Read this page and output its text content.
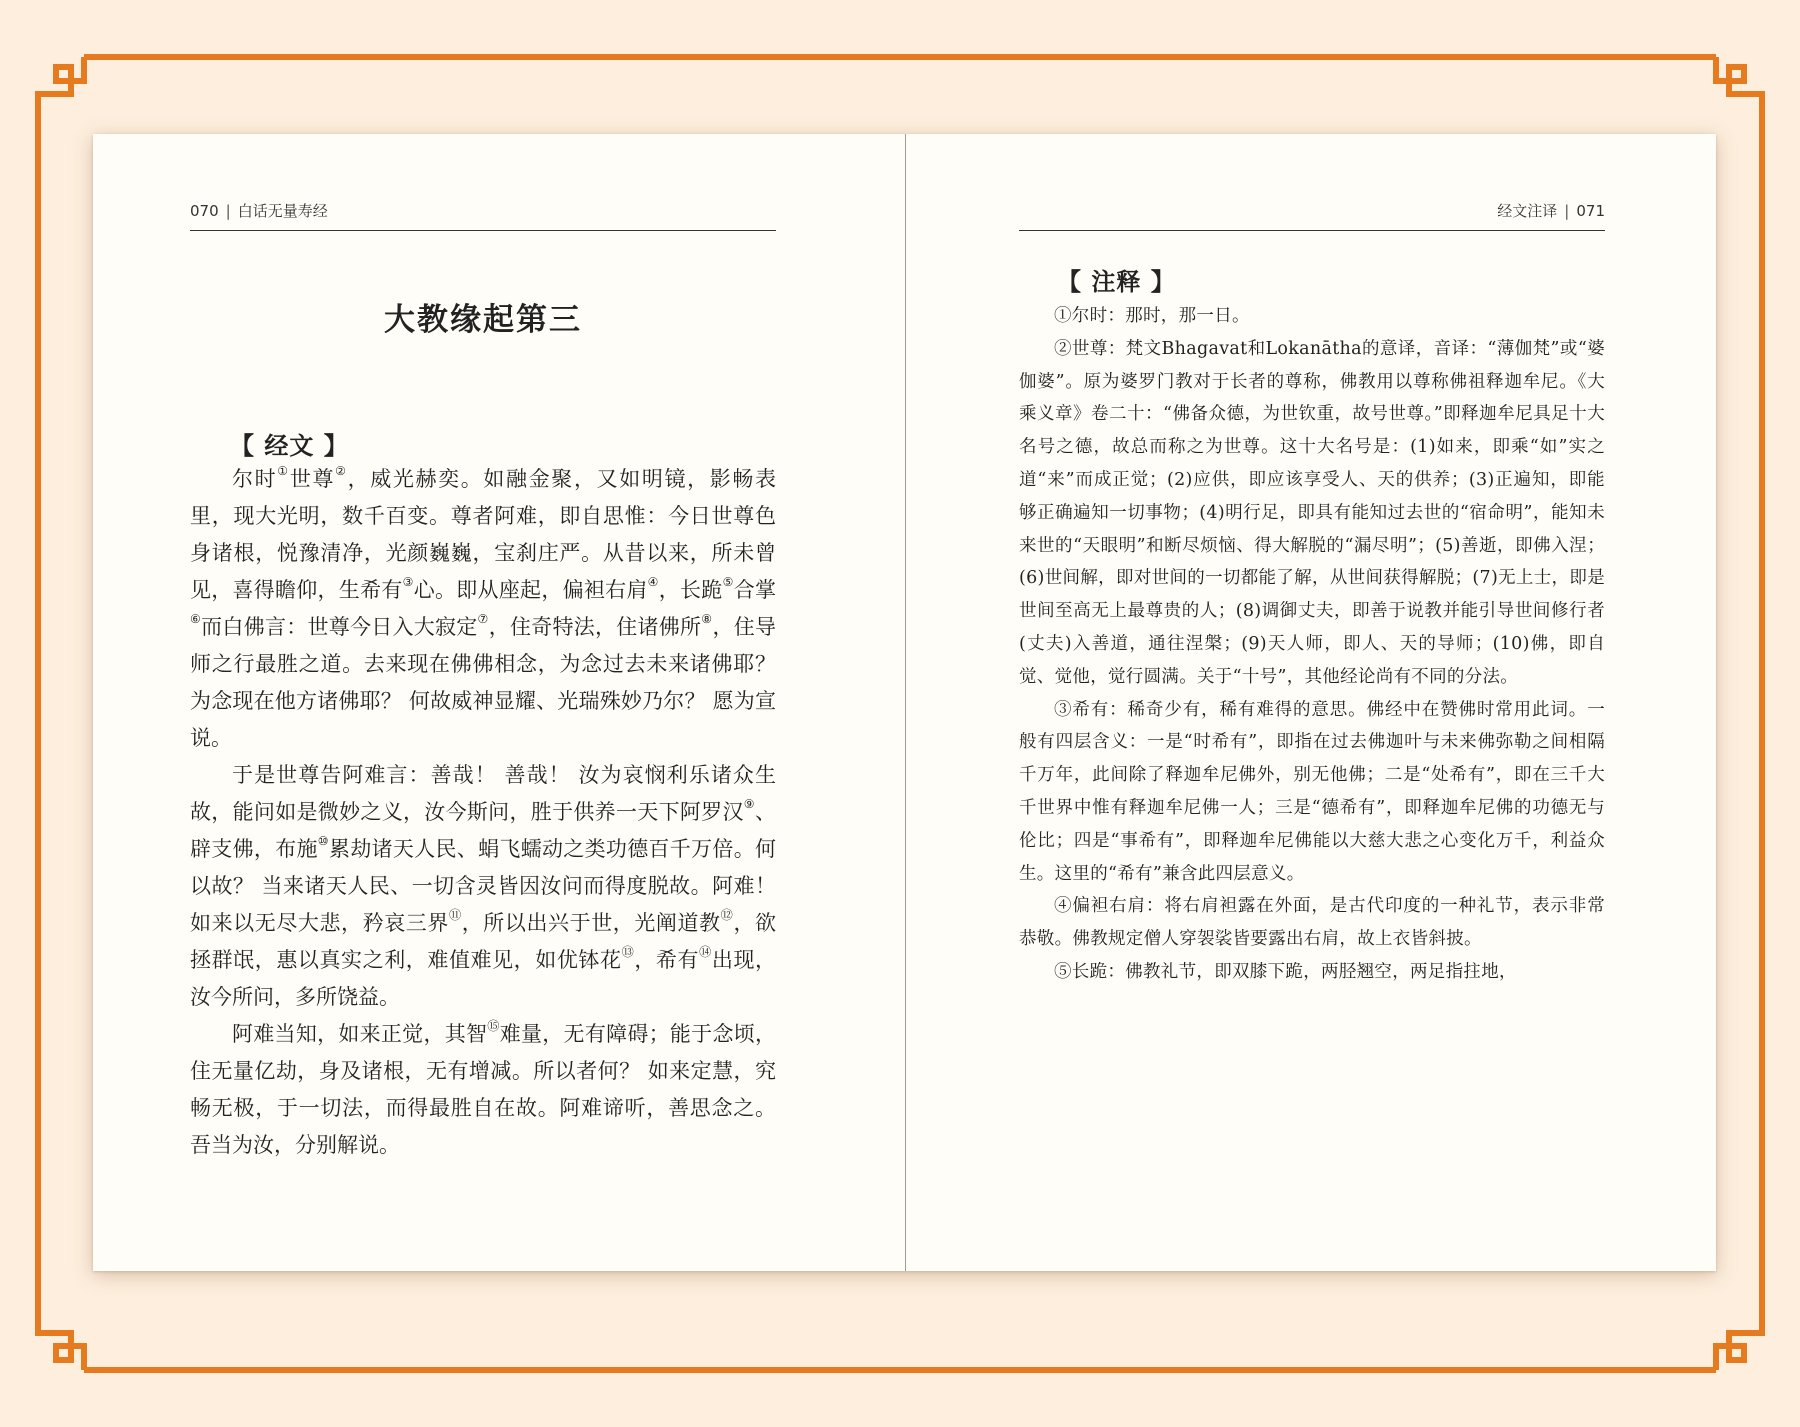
070 | 白话无量寿经
大教缘起第三
【 经文 】

尔时①世尊②，威光赫奕。如融金聚，又如明镜，影畅表里，现大光明，数千百变。尊者阿难，即自思惟：今日世尊色身诸根，悦豫清净，光颜巍巍，宝刹庄严。从昔以来，所未曾见，喜得瞻仰，生希有③心。即从座起，偏袒右肩④，长跪⑤合掌⑥而白佛言：世尊今日入大寂定⑦，住奇特法，住诸佛所⑧，住导师之行最胜之道。去来现在佛佛相念，为念过去未来诸佛耶？ 为念现在他方诸佛耶？ 何故威神显耀、光瑞殊妙乃尔？ 愿为宣说。

于是世尊告阿难言：善哉！ 善哉！ 汝为哀悯利乐诸众生故，能问如是微妙之义，汝今斯问，胜于供养一天下阿罗汉⑨、辟支佛，布施⑩累劫诸天人民、蜎飞蠕动之类功德百千万倍。何以故？ 当来诸天人民、一切含灵皆因汝问而得度脱故。阿难！ 如来以无尽大悲，矜哀三界⑪，所以出兴于世，光阐道教⑫，欲拯群氓，惠以真实之利，难值难见，如优钵花⑬，希有⑭出现，汝今所问，多所饶益。

阿难当知，如来正觉，其智⑮难量，无有障碍；能于念顷，住无量亿劫，身及诸根，无有增减。所以者何？ 如来定慧，究畅无极，于一切法，而得最胜自在故。阿难谛听，善思念之。吾当为汝，分别解说。

经文注译 | 071
【 注释 】

①尔时：那时，那一日。

②世尊：梵文Bhagavat和Lokanātha的意译，音译：“薄伽梵”或“婆伽婆”。原为婆罗门教对于长者的尊称，佛教用以尊称佛祖释迦牟尼。《大乘义章》卷二十：“佛备众德，为世钦重，故号世尊。”即释迦牟尼具足十大名号之德，故总而称之为世尊。这十大名号是：(1)如来，即乘“如”实之道“来”而成正觉；(2)应供，即应该享受人、天的供养；(3)正遍知，即能够正确遍知一切事物；(4)明行足，即具有能知过去世的“宿命明”，能知未来世的“天眼明”和断尽烦恼、得大解脱的“漏尽明”；(5)善逝，即佛入涅；(6)世间解，即对世间的一切都能了解，从世间获得解脱；(7)无上士，即是世间至高无上最尊贵的人；(8)调御丈夫，即善于说教并能引导世间修行者(丈夫)入善道，通往涅槃；(9)天人师，即人、天的导师；(10)佛，即自觉、觉他，觉行圆满。关于“十号”，其他经论尚有不同的分法。

③希有：稀奇少有，稀有难得的意思。佛经中在赞佛时常用此词。一般有四层含义：一是“时希有”，即指在过去佛迦叶与未来佛弥勒之间相隔千万年，此间除了释迦牟尼佛外，别无他佛；二是“处希有”，即在三千大千世界中惟有释迦牟尼佛一人；三是“德希有”，即释迦牟尼佛的功德无与伦比；四是“事希有”，即释迦牟尼佛能以大慈大悲之心变化万千，利益众生。这里的“希有”兼含此四层意义。

④偏袒右肩：将右肩袒露在外面，是古代印度的一种礼节，表示非常恭敬。佛教规定僧人穿袈裟皆要露出右肩，故上衣皆斜披。

⑤长跪：佛教礼节，即双膝下跪，两胫翘空，两足指拄地，
